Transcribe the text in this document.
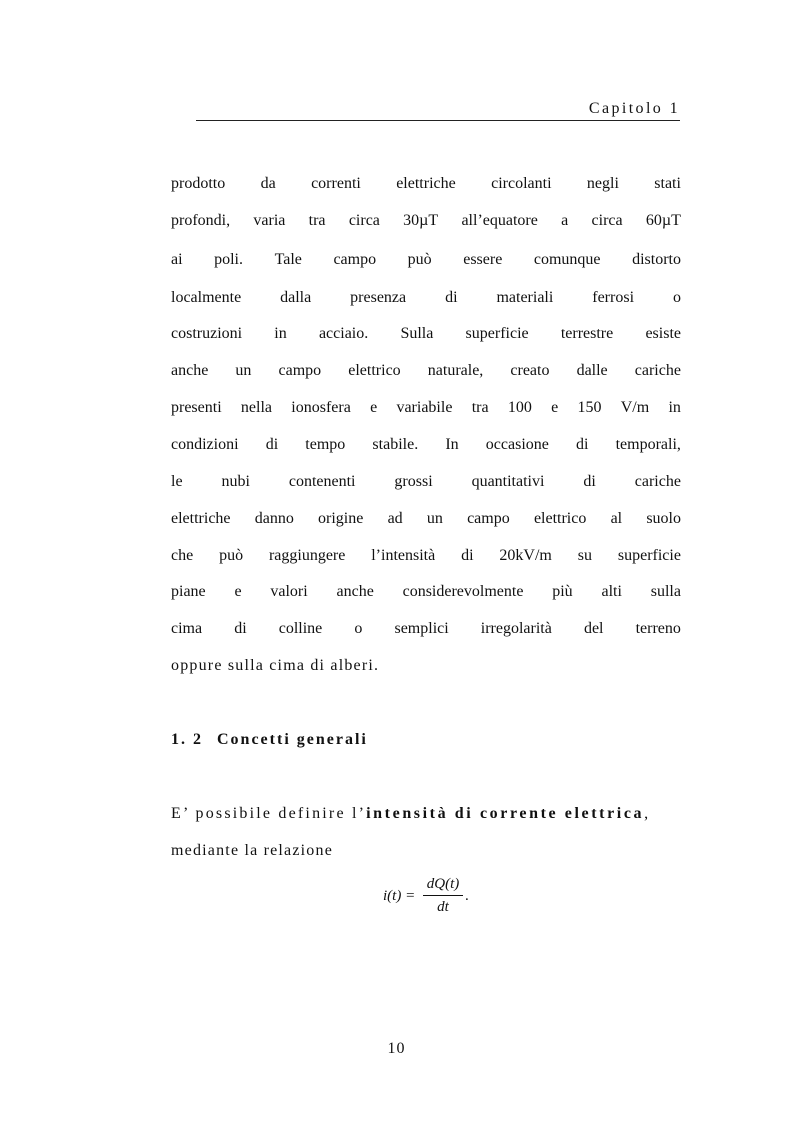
Capitolo 1
prodotto da correnti elettriche circolanti negli stati
profondi, varia tra circa 30µT all’equatore a circa 60µT
ai poli. Tale campo può essere comunque distorto
localmente dalla presenza di materiali ferrosi o
costruzioni in acciaio. Sulla superficie terrestre esiste
anche un campo elettrico naturale, creato dalle cariche
presenti nella ionosfera e variabile tra 100 e 150 V/m in
condizioni di tempo stabile. In occasione di temporali,
le nubi contenenti grossi quantitativi di cariche
elettriche danno origine ad un campo elettrico al suolo
che può raggiungere l’intensità di 20kV/m su superficie
piane e valori anche considerevolmente più alti sulla
cima di colline o semplici irregolarità del terreno
oppure sulla cima di alberi.
1. 2 Concetti generali
E’ possibile definire l’intensità di corrente elettrica,
mediante la relazione
$i(t) = \frac{dQ(t)}{dt}$ .
10
